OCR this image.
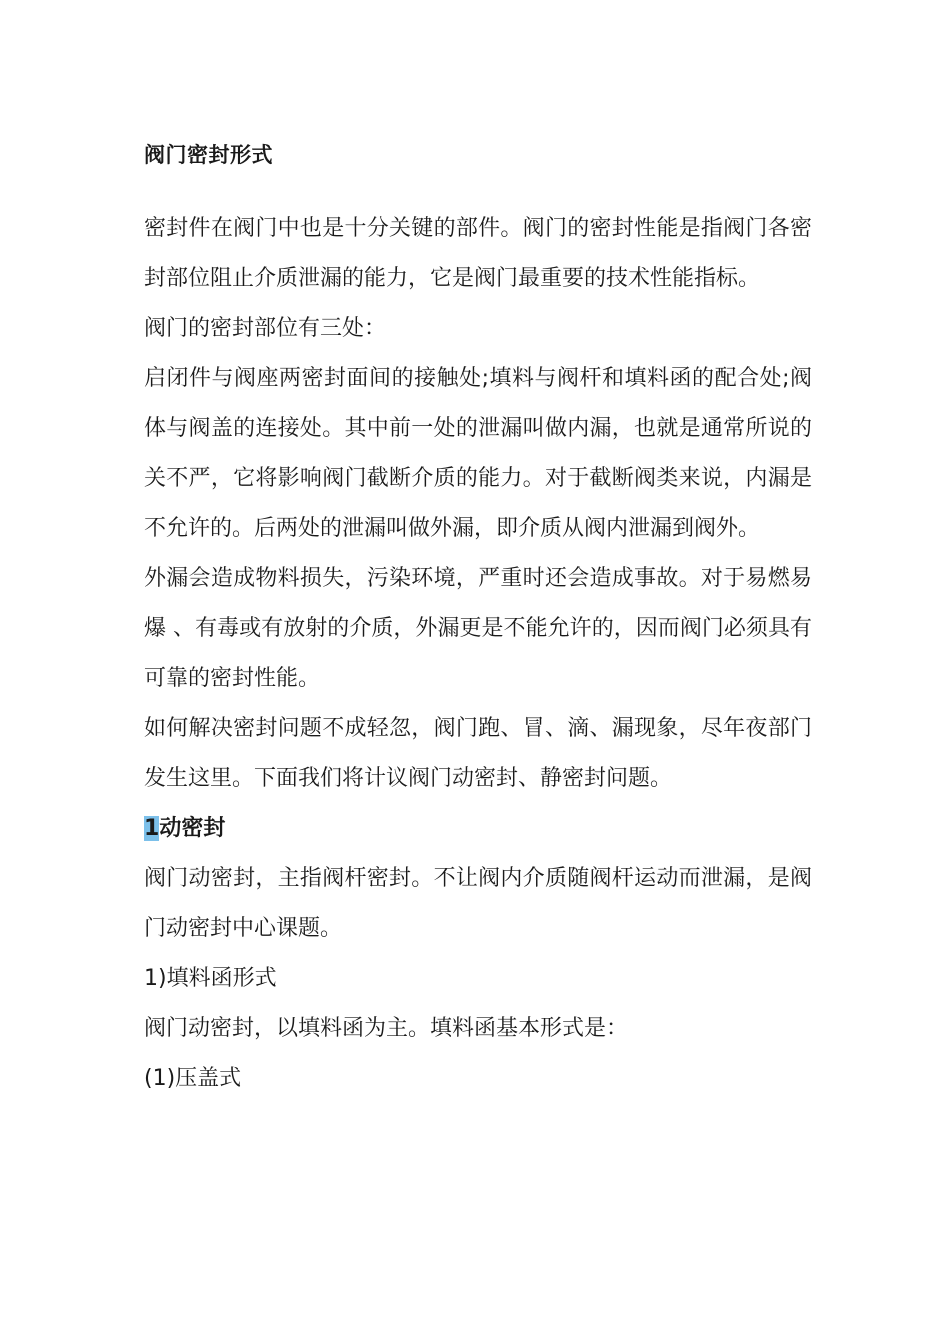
阀门密封形式

密封件在阀门中也是十分关键的部件。阀门的密封性能是指阀门各密封部位阻止介质泄漏的能力，它是阀门最重要的技术性能指标。

阀门的密封部位有三处：

启闭件与阀座两密封面间的接触处;填料与阀杆和填料函的配合处;阀体与阀盖的连接处。其中前一处的泄漏叫做内漏，也就是通常所说的关不严，它将影响阀门截断介质的能力。对于截断阀类来说，内漏是不允许的。后两处的泄漏叫做外漏，即介质从阀内泄漏到阀外。

外漏会造成物料损失，污染环境，严重时还会造成事故。对于易燃易爆 、有毒或有放射的介质，外漏更是不能允许的，因而阀门必须具有可靠的密封性能。

如何解决密封问题不成轻忽，阀门跑、冒、滴、漏现象，尽年夜部门发生这里。下面我们将计议阀门动密封、静密封问题。

1动密封

阀门动密封，主指阀杆密封。不让阀内介质随阀杆运动而泄漏，是阀门动密封中心课题。

1)填料函形式

阀门动密封，以填料函为主。填料函基本形式是：

(1)压盖式
